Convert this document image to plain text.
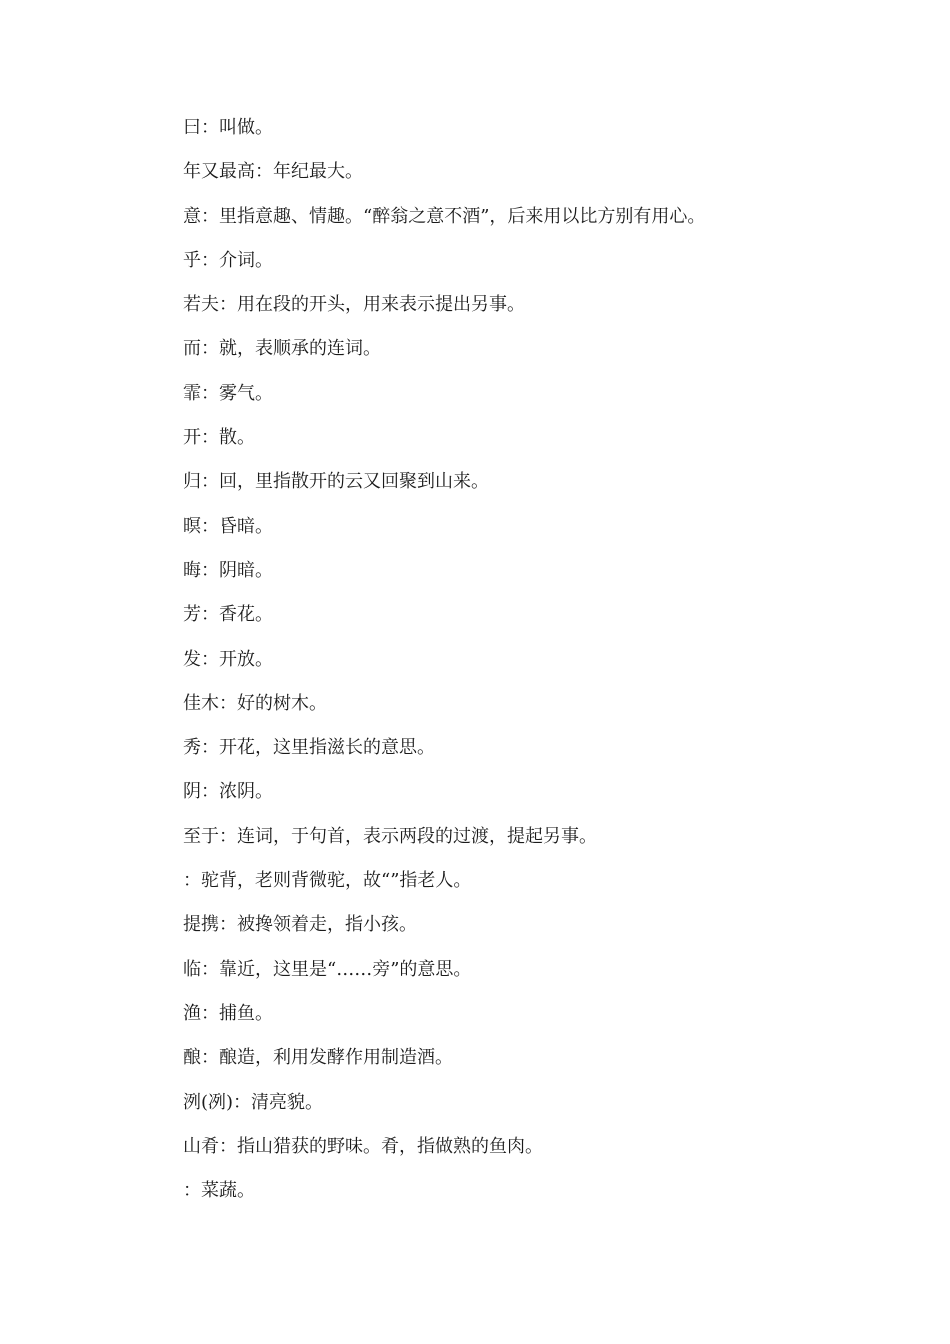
曰：叫做。
年又最高：年纪最大。
意：里指意趣、情趣。“醉翁之意不酒”，后来用以比方别有用心。
乎：介词。
若夫：用在段的开头，用来表示提出另事。
而：就，表顺承的连词。
霏：雾气。
开：散。
归：回，里指散开的云又回聚到山来。
暝：昏暗。
晦：阴暗。
芳：香花。
发：开放。
佳木：好的树木。
秀：开花，这里指滋长的意思。
阴：浓阴。
至于：连词，于句首，表示两段的过渡，提起另事。
：驼背，老则背微驼，故“”指老人。
提携：被搀领着走，指小孩。
临：靠近，这里是“……旁”的意思。
渔：捕鱼。
酿：酿造，利用发酵作用制造酒。
洌(冽)：清亮貌。
山肴：指山猎获的野味。肴，指做熟的鱼肉。
：菜蔬。
